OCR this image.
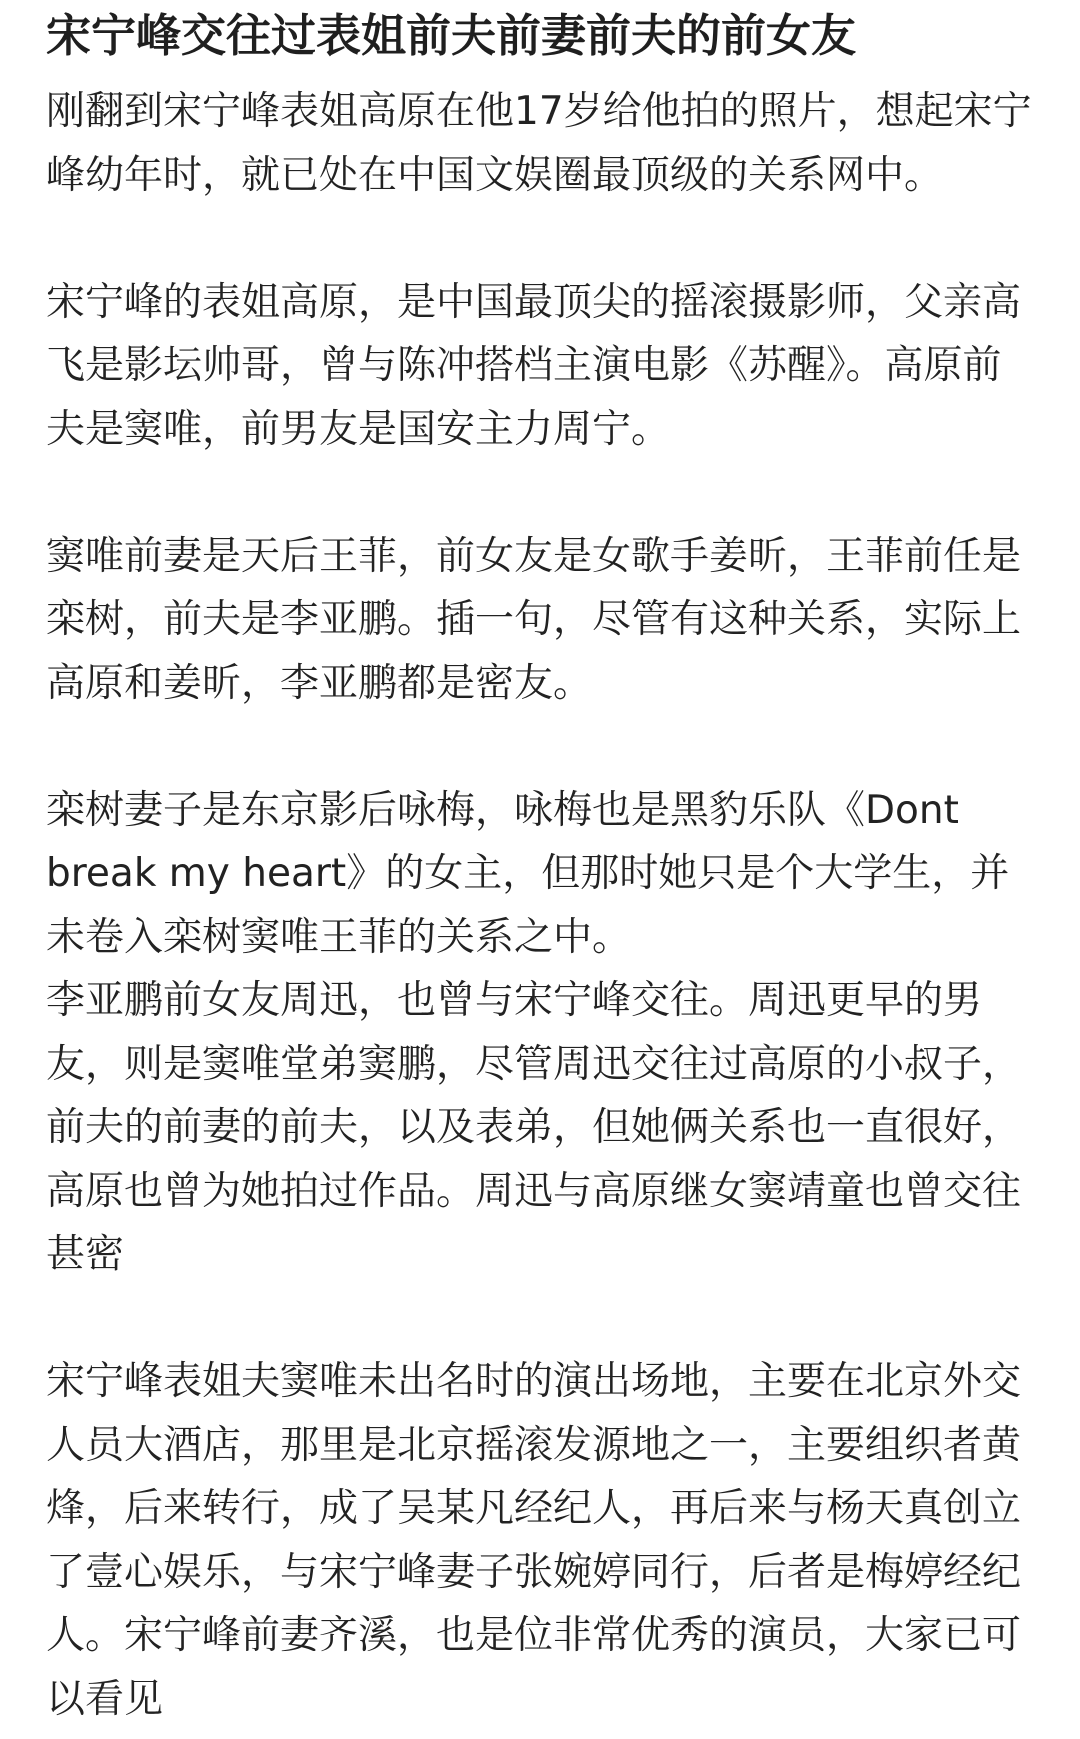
宋宁峰交往过表姐前夫前妻前夫的前女友

刚翻到宋宁峰表姐高原在他17岁给他拍的照片，想起宋宁峰幼年时，就已处在中国文娱圈最顶级的关系网中。

宋宁峰的表姐高原，是中国最顶尖的摇滚摄影师，父亲高飞是影坛帅哥，曾与陈冲搭档主演电影《苏醒》。高原前夫是窦唯，前男友是国安主力周宁。

窦唯前妻是天后王菲，前女友是女歌手姜昕，王菲前任是栾树，前夫是李亚鹏。插一句，尽管有这种关系，实际上高原和姜昕，李亚鹏都是密友。

栾树妻子是东京影后咏梅，咏梅也是黑豹乐队《Dont break my heart》的女主，但那时她只是个大学生，并未卷入栾树窦唯王菲的关系之中。

李亚鹏前女友周迅，也曾与宋宁峰交往。周迅更早的男友，则是窦唯堂弟窦鹏，尽管周迅交往过高原的小叔子，前夫的前妻的前夫，以及表弟，但她俩关系也一直很好，高原也曾为她拍过作品。周迅与高原继女窦靖童也曾交往甚密

宋宁峰表姐夫窦唯未出名时的演出场地，主要在北京外交人员大酒店，那里是北京摇滚发源地之一，主要组织者黄烽，后来转行，成了吴某凡经纪人，再后来与杨天真创立了壹心娱乐，与宋宁峰妻子张婉婷同行，后者是梅婷经纪人。宋宁峰前妻齐溪，也是位非常优秀的演员，大家已可以看见
